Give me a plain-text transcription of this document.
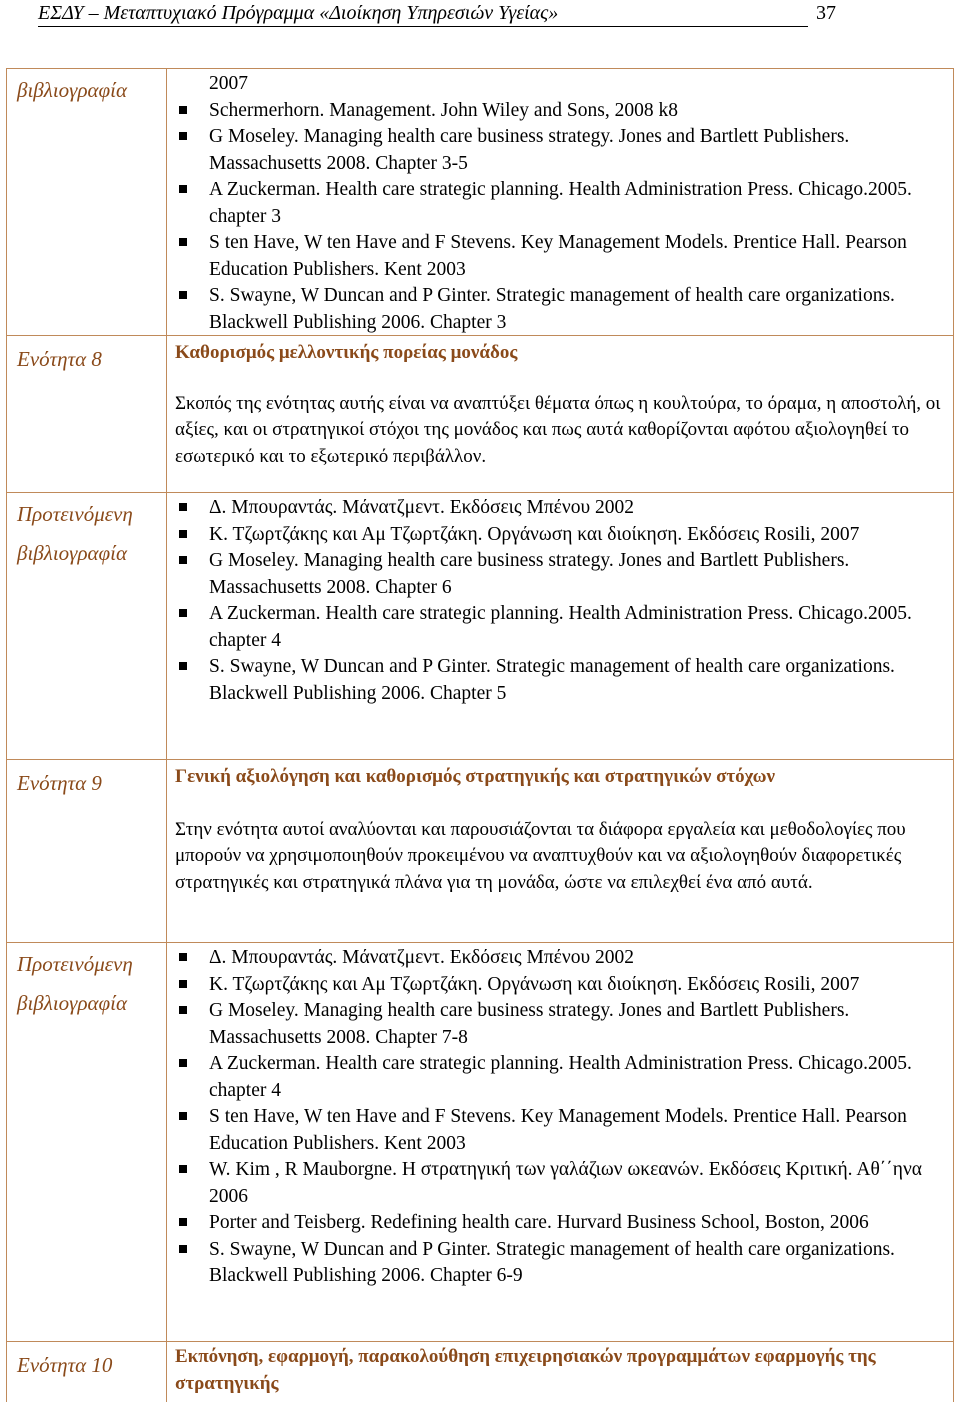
ΕΣΔΥ – Μεταπτυχιακό Πρόγραμμα «Διοίκηση Υπηρεσιών Υγείας»	37
βιβλιογραφία	2007

Schermerhorn. Management. John Wiley and Sons, 2008 k8
G Moseley. Managing health care business strategy. Jones and Bartlett Publishers. Massachusetts 2008. Chapter 3-5
A Zuckerman. Health care strategic planning. Health Administration Press. Chicago.2005. chapter 3
S ten Have, W ten Have and F Stevens. Key Management Models. Prentice Hall. Pearson Education Publishers. Kent 2003
S. Swayne, W Duncan and P Ginter. Strategic management of health care organizations. Blackwell Publishing 2006. Chapter 3
Ενότητα 8	Καθορισμός μελλοντικής πορείας μονάδος

Σκοπός της ενότητας αυτής είναι να αναπτύξει θέματα όπως η κουλτούρα, το όραμα, η αποστολή, οι αξίες, και οι στρατηγικοί στόχοι της μονάδος και πως αυτά καθορίζονται αφότου αξιολογηθεί το εσωτερικό και το εξωτερικό περιβάλλον.

Προτεινόμενη
βιβλιογραφία
Δ. Μπουραντάς. Μάνατζμεντ. Εκδόσεις Μπένου 2002
Κ. Τζωρτζάκης και Αμ Τζωρτζάκη. Οργάνωση και διοίκηση. Εκδόσεις Rosili, 2007
G Moseley. Managing health care business strategy. Jones and Bartlett Publishers. Massachusetts 2008. Chapter 6
A Zuckerman. Health care strategic planning. Health Administration Press. Chicago.2005. chapter 4
S. Swayne, W Duncan and P Ginter. Strategic management of health care organizations. Blackwell Publishing 2006. Chapter 5
Ενότητα 9	Γενική αξιολόγηση και καθορισμός στρατηγικής και στρατηγικών στόχων

Στην ενότητα αυτοί αναλύονται και παρουσιάζονται τα διάφορα εργαλεία και μεθοδολογίες που μπορούν να χρησιμοποιηθούν προκειμένου να αναπτυχθούν και να αξιολογηθούν διαφορετικές στρατηγικές και στρατηγικά πλάνα για τη μονάδα, ώστε να επιλεχθεί ένα από αυτά.

Προτεινόμενη
βιβλιογραφία
Δ. Μπουραντάς. Μάνατζμεντ. Εκδόσεις Μπένου 2002
Κ. Τζωρτζάκης και Αμ Τζωρτζάκη. Οργάνωση και διοίκηση. Εκδόσεις Rosili, 2007
G Moseley. Managing health care business strategy. Jones and Bartlett Publishers. Massachusetts 2008. Chapter 7-8
A Zuckerman. Health care strategic planning. Health Administration Press. Chicago.2005. chapter 4
S ten Have, W ten Have and F Stevens. Key Management Models. Prentice Hall. Pearson Education Publishers. Kent 2003
W. Kim , R Mauborgne. Η στρατηγική των γαλάζιων ωκεανών. Εκδόσεις Κριτική. Αθ΄΄ηνα 2006
Porter and Teisberg. Redefining health care. Hurvard Business School, Boston, 2006
S. Swayne, W Duncan and P Ginter. Strategic management of health care organizations. Blackwell Publishing 2006. Chapter 6-9
Ενότητα 10	Εκπόνηση, εφαρμογή, παρακολούθηση επιχειρησιακών προγραμμάτων εφαρμογής της στρατηγικής
